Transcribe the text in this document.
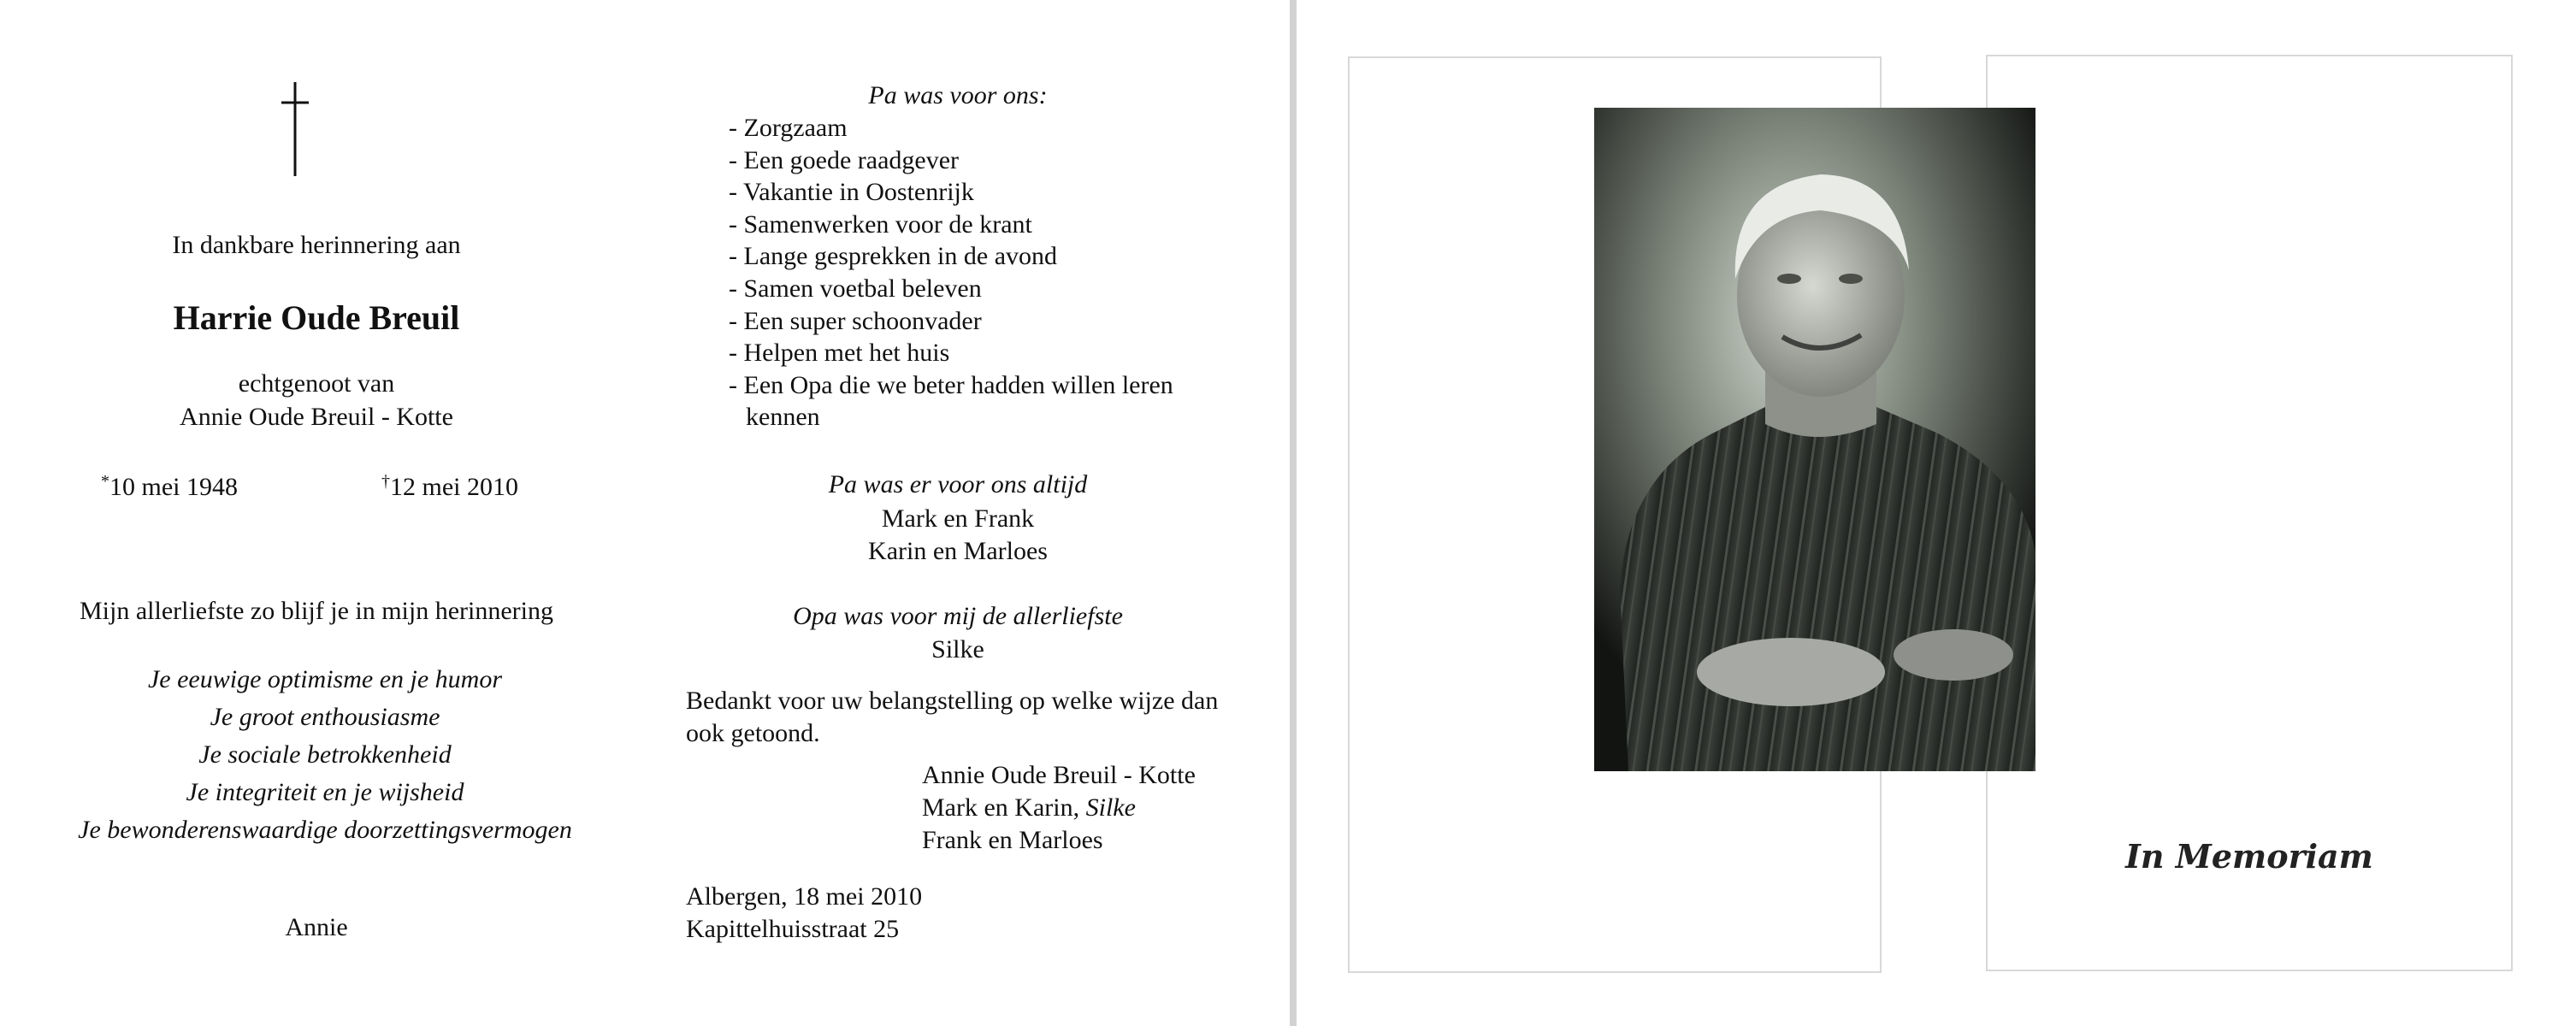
In dankbare herinnering aan
Harrie Oude Breuil
echtgenoot van
Annie Oude Breuil - Kotte
*10 mei 1948	†12 mei 2010
Mijn allerliefste zo blijf je in mijn herinnering
Je eeuwige optimisme en je humor
Je groot enthousiasme
Je sociale betrokkenheid
Je integriteit en je wijsheid
Je bewonderenswaardige doorzettingsvermogen
Annie
Pa was voor ons:
- Zorgzaam
- Een goede raadgever
- Vakantie in Oostenrijk
- Samenwerken voor de krant
- Lange gesprekken in de avond
- Samen voetbal beleven
- Een super schoonvader
- Helpen met het huis
- Een Opa die we beter hadden willen leren
kennen
Pa was er voor ons altijd
Mark en Frank
Karin en Marloes
Opa was voor mij de allerliefste
Silke
Bedankt voor uw belangstelling op welke wijze dan
ook getoond.
Annie Oude Breuil - Kotte
Mark en Karin, Silke
Frank en Marloes
Albergen, 18 mei 2010
Kapittelhuisstraat 25
In Memoriam
